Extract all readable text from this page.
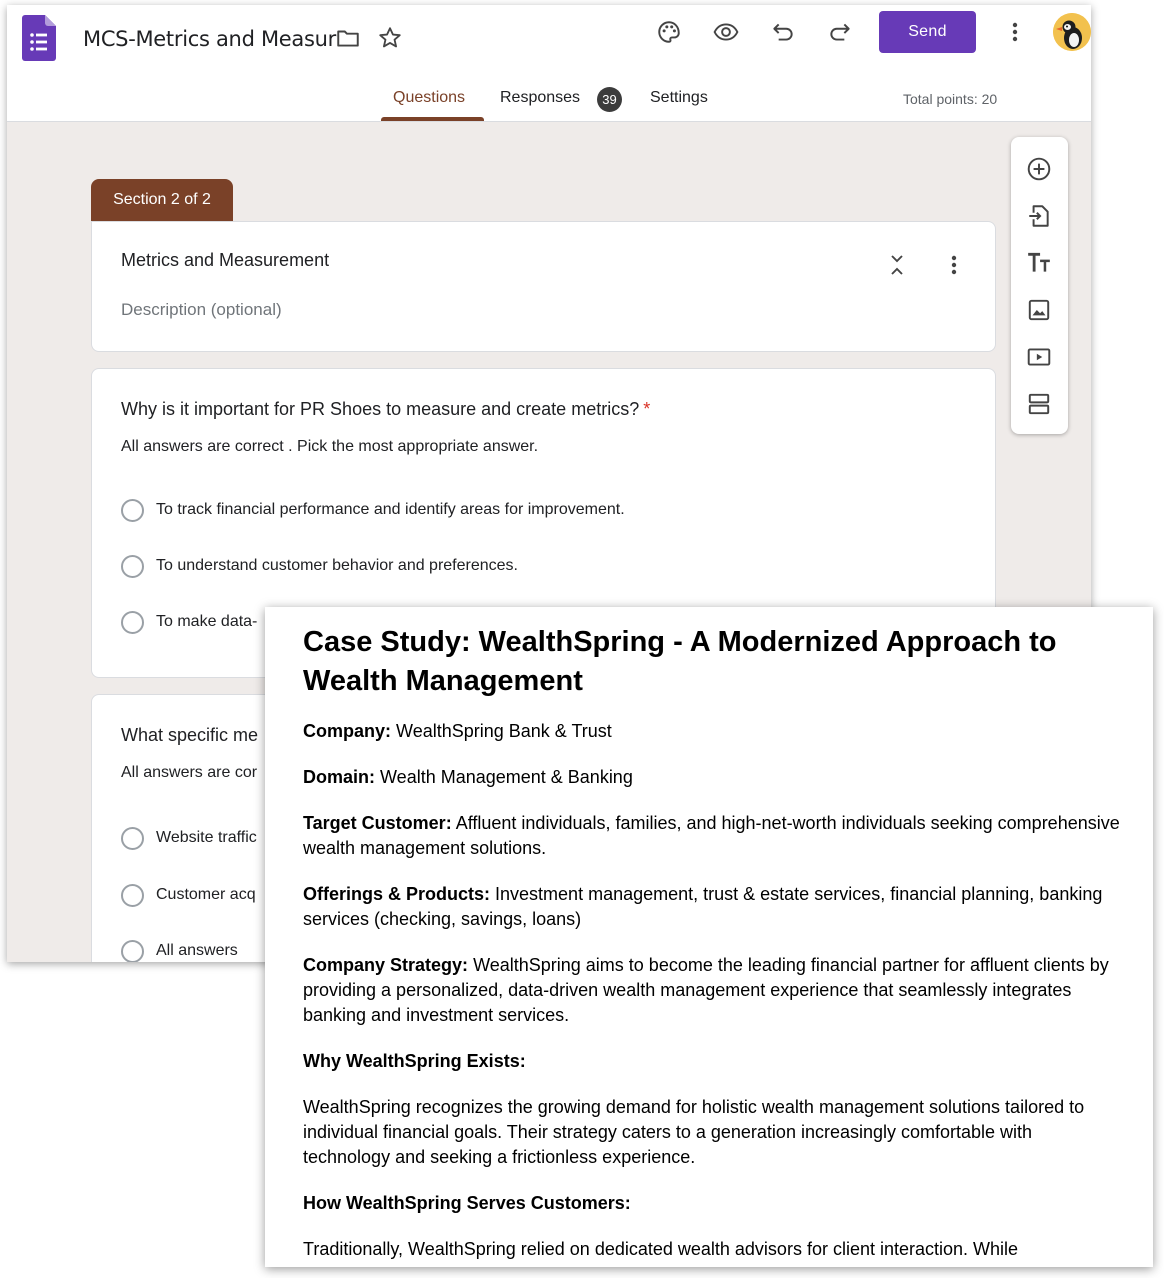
MCS-Metrics and Measur	Send
Questions Responses	39	Settings	Total points: 20
Section 2 of 2
Metrics and Measurement
Description (optional)
Why is it important for PR Shoes to measure and create metrics? *
All answers are correct . Pick the most appropriate answer.
To track financial performance and identify areas for improvement.
To understand customer behavior and preferences.
To make data-
What specific me
All answers are cor
Website traffic
Customer acq
All answers
Case Study: WealthSpring - A Modernized Approach to Wealth Management

Company: WealthSpring Bank & Trust

Domain: Wealth Management & Banking

Target Customer: Affluent individuals, families, and high-net-worth individuals seeking comprehensive wealth management solutions.

Offerings & Products: Investment management, trust & estate services, financial planning, banking services (checking, savings, loans)

Company Strategy: WealthSpring aims to become the leading financial partner for affluent clients by providing a personalized, data-driven wealth management experience that seamlessly integrates banking and investment services.

Why WealthSpring Exists:

WealthSpring recognizes the growing demand for holistic wealth management solutions tailored to individual financial goals. Their strategy caters to a generation increasingly comfortable with technology and seeking a frictionless experience.

How WealthSpring Serves Customers:

Traditionally, WealthSpring relied on dedicated wealth advisors for client interaction. While
